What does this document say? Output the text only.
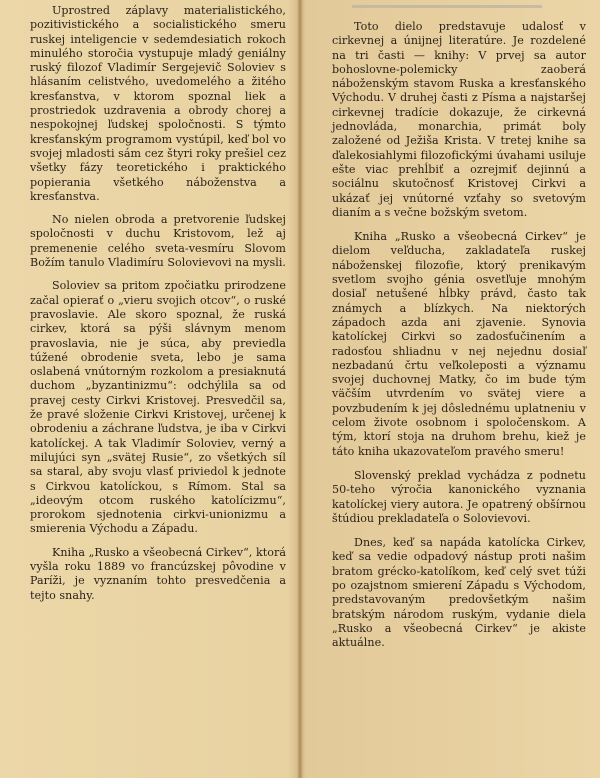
Uprostred záplavy materialistického, pozitivistického a socialistického smeru ruskej inteligencie v sedemdesiatich rokoch minulého storočia vystupuje mladý geniálny ruský filozof Vladimír Sergejevič Soloviev s hlásaním celistvého, uvedomelého a žitého kresťanstva, v ktorom spoznal liek a prostriedok uzdravenia a obrody chorej a nespokojnej ľudskej spoločnosti. S týmto kresťanským programom vystúpil, keď bol vo svojej mladosti sám cez štyri roky prešiel cez všetky fázy teoretického i praktického popierania všetkého náboženstva a kresťanstva.

No nielen obroda a pretvorenie ľudskej spoločnosti v duchu Kristovom, lež aj premenenie celého sveta-vesmíru Slovom Božím tanulo Vladimíru Solovievovi na mysli.

Soloviev sa pritom zpočiatku prirodzene začal opierať o „vieru svojich otcov“, o ruské pravoslavie. Ale skoro spoznal, že ruská cirkev, ktorá sa pýši slávnym menom pravoslavia, nie je súca, aby previedla túžené obrodenie sveta, lebo je sama oslabená vnútorným rozkolom a presiaknutá duchom „byzantinizmu“: odchýlila sa od pravej cesty Cirkvi Kristovej. Presvedčil sa, že pravé složenie Cirkvi Kristovej, určenej k obrodeniu a záchrane ľudstva, je iba v Cirkvi katolíckej. A tak Vladimír Soloviev, verný a milujúci syn „svätej Rusie“, zo všetkých síl sa staral, aby svoju vlasť priviedol k jednote s Cirkvou katolíckou, s Rímom. Stal sa „ideovým otcom ruského katolícizmu“, prorokom sjednotenia cirkvi-unionizmu a smierenia Východu a Západu.

Kniha „Rusko a všeobecná Cirkev“, ktorá vyšla roku 1889 vo francúzskej pôvodine v Paríži, je vyznaním tohto presvedčenia a tejto snahy.

Toto dielo predstavuje udalosť v cirkevnej a únijnej literatúre. Je rozdelené na tri časti — knihy: V prvej sa autor bohoslovne-polemicky zaoberá náboženským stavom Ruska a kresťanského Východu. V druhej časti z Písma a najstaršej cirkevnej tradície dokazuje, že cirkevná jednovláda, monarchia, primát boly založené od Ježiša Krista. V tretej knihe sa ďalekosiahlymi filozofickými úvahami usiluje ešte viac prehĺbiť a ozrejmiť dejinnú a sociálnu skutočnosť Kristovej Cirkvi a ukázať jej vnútorné vzťahy so svetovým dianím a s večne božským svetom.

Kniha „Rusko a všeobecná Cirkev“ je dielom veľducha, zakladateľa ruskej náboženskej filozofie, ktorý prenikavým svetlom svojho génia osvetľuje mnohým dosiaľ netušené hĺbky právd, často tak známych a blízkych. Na niektorých západoch azda ani zjavenie. Synovia katolíckej Cirkvi so zadosťučinením a radosťou shliadnu v nej nejednu dosiaľ nezbadanú črtu veľkoleposti a významu svojej duchovnej Matky, čo im bude tým väčším utvrdením vo svätej viere a povzbudením k jej dôslednému uplatneniu v celom živote osobnom i spoločenskom. A tým, ktorí stoja na druhom brehu, kiež je táto kniha ukazovateľom pravého smeru!

Slovenský preklad vychádza z podnetu 50-teho výročia kanonického vyznania katolíckej viery autora. Je opatrený obšírnou štúdiou prekladateľa o Solovievovi.

Dnes, keď sa napáda katolícka Cirkev, keď sa vedie odpadový nástup proti našim bratom grécko-katolíkom, keď celý svet túži po ozajstnom smierení Západu s Východom, predstavovaným predovšetkým našim bratským národom ruským, vydanie diela „Rusko a všeobecná Cirkev“ je akiste aktuálne.
